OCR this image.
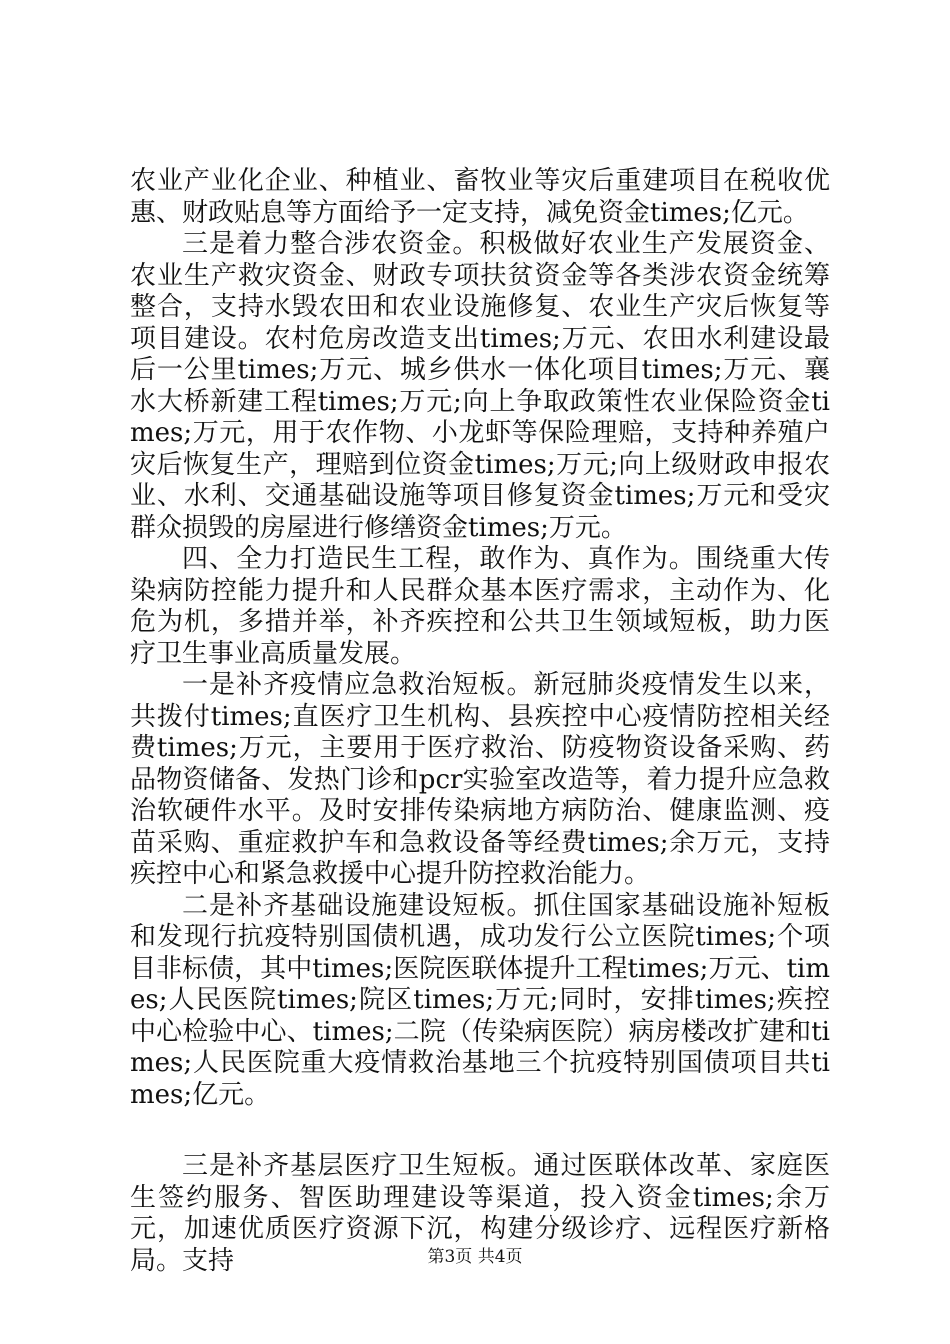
农业产业化企业、种植业、畜牧业等灾后重建项目在税收优惠、财政贴息等方面给予一定支持，减免资金times;亿元。

三是着力整合涉农资金。积极做好农业生产发展资金、农业生产救灾资金、财政专项扶贫资金等各类涉农资金统筹整合，支持水毁农田和农业设施修复、农业生产灾后恢复等项目建设。农村危房改造支出times;万元、农田水利建设最后一公里times;万元、城乡供水一体化项目times;万元、襄水大桥新建工程times;万元;向上争取政策性农业保险资金times;万元，用于农作物、小龙虾等保险理赔，支持种养殖户灾后恢复生产，理赔到位资金times;万元;向上级财政申报农业、水利、交通基础设施等项目修复资金times;万元和受灾群众损毁的房屋进行修缮资金times;万元。

四、全力打造民生工程，敢作为、真作为。围绕重大传染病防控能力提升和人民群众基本医疗需求，主动作为、化危为机，多措并举，补齐疾控和公共卫生领域短板，助力医疗卫生事业高质量发展。

一是补齐疫情应急救治短板。新冠肺炎疫情发生以来，共拨付times;直医疗卫生机构、县疾控中心疫情防控相关经费times;万元，主要用于医疗救治、防疫物资设备采购、药品物资储备、发热门诊和pcr实验室改造等，着力提升应急救治软硬件水平。及时安排传染病地方病防治、健康监测、疫苗采购、重症救护车和急救设备等经费times;余万元，支持疾控中心和紧急救援中心提升防控救治能力。

二是补齐基础设施建设短板。抓住国家基础设施补短板和发现行抗疫特别国债机遇，成功发行公立医院times;个项目非标债，其中times;医院医联体提升工程times;万元、times;人民医院times;院区times;万元;同时，安排times;疾控中心检验中心、times;二院（传染病医院）病房楼改扩建和times;人民医院重大疫情救治基地三个抗疫特别国债项目共times;亿元。

三是补齐基层医疗卫生短板。通过医联体改革、家庭医生签约服务、智医助理建设等渠道，投入资金times;余万元，加速优质医疗资源下沉，构建分级诊疗、远程医疗新格局。支持	第3页 共4页
